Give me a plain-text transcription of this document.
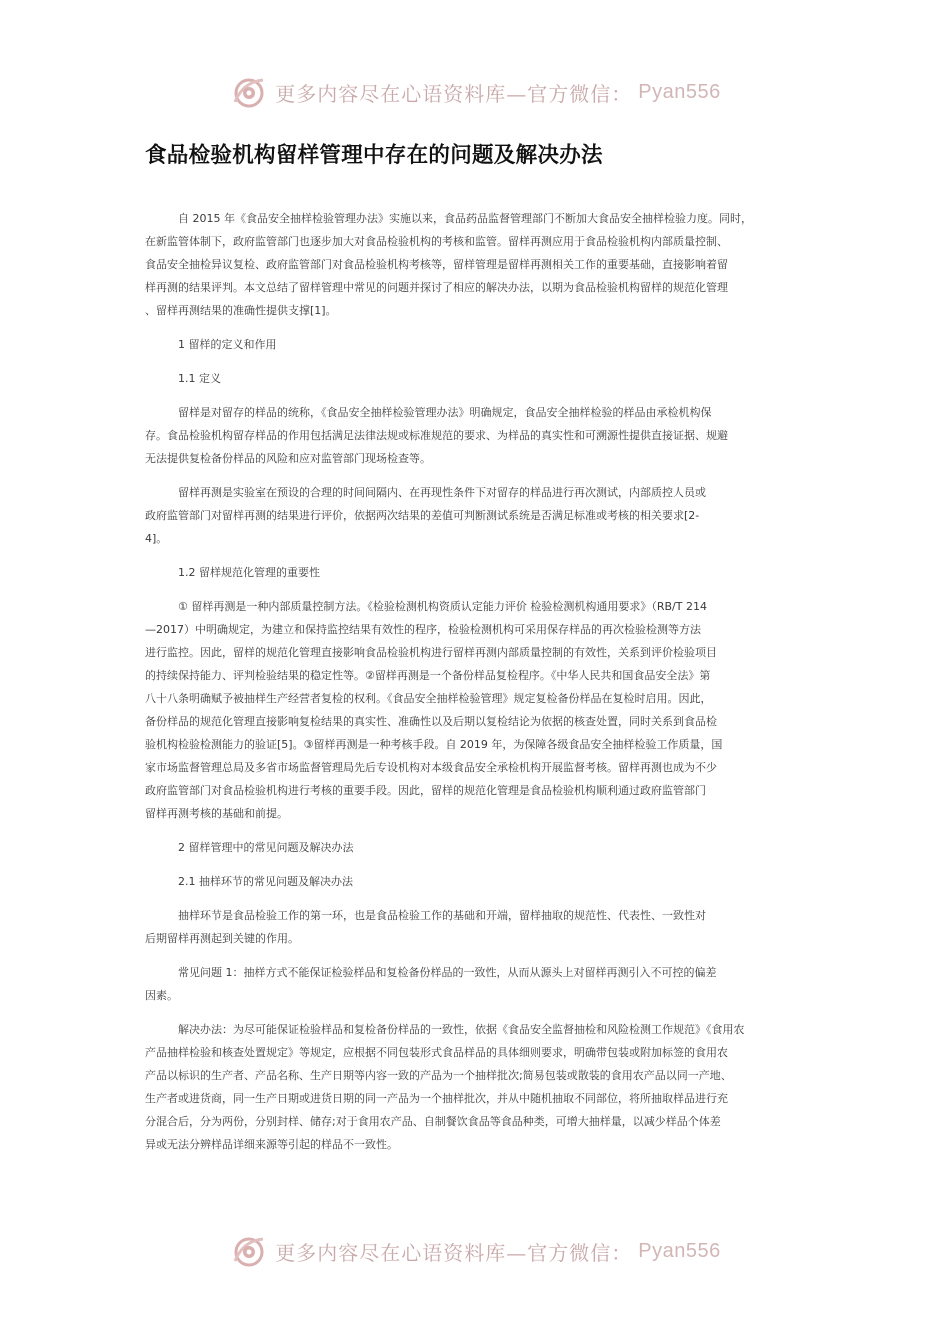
更多内容尽在心语资料库—官方微信： Pyan556
食品检验机构留样管理中存在的问题及解决办法
自 2015 年《食品安全抽样检验管理办法》实施以来，食品药品监督管理部门不断加大食品安全抽样检验力度。同时，
在新监管体制下，政府监管部门也逐步加大对食品检验机构的考核和监管。留样再测应用于食品检验机构内部质量控制、
食品安全抽检异议复检、政府监管部门对食品检验机构考核等，留样管理是留样再测相关工作的重要基础，直接影响着留
样再测的结果评判。本文总结了留样管理中常见的问题并探讨了相应的解决办法，以期为食品检验机构留样的规范化管理
、留样再测结果的准确性提供支撑[1]。
1 留样的定义和作用
1.1 定义
留样是对留存的样品的统称，《食品安全抽样检验管理办法》明确规定，食品安全抽样检验的样品由承检机构保
存。食品检验机构留存样品的作用包括满足法律法规或标准规范的要求、为样品的真实性和可溯源性提供直接证据、规避
无法提供复检备份样品的风险和应对监管部门现场检查等。
留样再测是实验室在预设的合理的时间间隔内、在再现性条件下对留存的样品进行再次测试，内部质控人员或
政府监管部门对留样再测的结果进行评价，依据两次结果的差值可判断测试系统是否满足标准或考核的相关要求[2-
4]。
1.2 留样规范化管理的重要性
① 留样再测是一种内部质量控制方法。《检验检测机构资质认定能力评价 检验检测机构通用要求》（RB/T 214
—2017）中明确规定，为建立和保持监控结果有效性的程序，检验检测机构可采用保存样品的再次检验检测等方法
进行监控。因此，留样的规范化管理直接影响食品检验机构进行留样再测内部质量控制的有效性，关系到评价检验项目
的持续保持能力、评判检验结果的稳定性等。②留样再测是一个备份样品复检程序。《中华人民共和国食品安全法》第
八十八条明确赋予被抽样生产经营者复检的权利。《食品安全抽样检验管理》规定复检备份样品在复检时启用。因此，
备份样品的规范化管理直接影响复检结果的真实性、准确性以及后期以复检结论为依据的核查处置，同时关系到食品检
验机构检验检测能力的验证[5]。③留样再测是一种考核手段。自 2019 年，为保障各级食品安全抽样检验工作质量，国
家市场监督管理总局及多省市场监督管理局先后专设机构对本级食品安全承检机构开展监督考核。留样再测也成为不少
政府监管部门对食品检验机构进行考核的重要手段。因此，留样的规范化管理是食品检验机构顺利通过政府监管部门
留样再测考核的基础和前提。
2 留样管理中的常见问题及解决办法
2.1 抽样环节的常见问题及解决办法
抽样环节是食品检验工作的第一环，也是食品检验工作的基础和开端，留样抽取的规范性、代表性、一致性对
后期留样再测起到关键的作用。
常见问题 1：抽样方式不能保证检验样品和复检备份样品的一致性，从而从源头上对留样再测引入不可控的偏差
因素。
解决办法：为尽可能保证检验样品和复检备份样品的一致性，依据《食品安全监督抽检和风险检测工作规范》《食用农
产品抽样检验和核查处置规定》等规定，应根据不同包装形式食品样品的具体细则要求，明确带包装或附加标签的食用农
产品以标识的生产者、产品名称、生产日期等内容一致的产品为一个抽样批次;简易包装或散装的食用农产品以同一产地、
生产者或进货商，同一生产日期或进货日期的同一产品为一个抽样批次，并从中随机抽取不同部位，将所抽取样品进行充
分混合后，分为两份，分别封样、储存;对于食用农产品、自制餐饮食品等食品种类，可增大抽样量，以减少样品个体差
异或无法分辨样品详细来源等引起的样品不一致性。
更多内容尽在心语资料库—官方微信： Pyan556
